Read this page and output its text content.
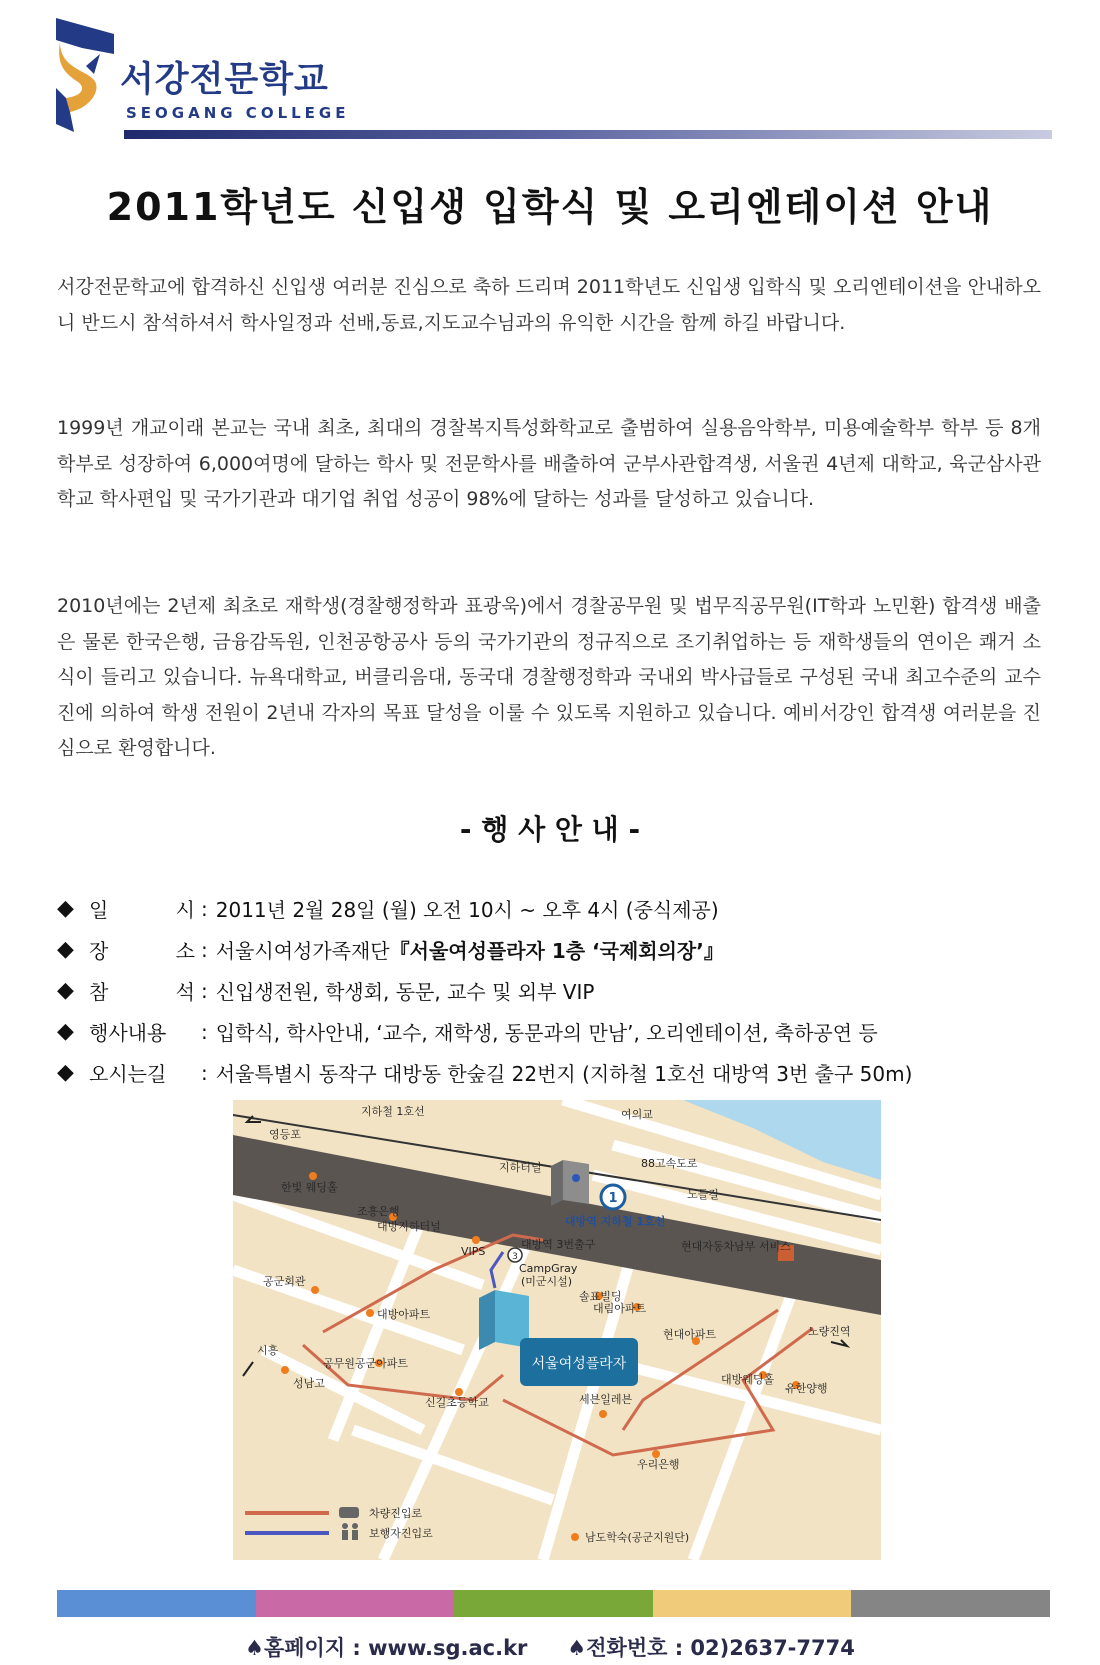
서강전문학교
SEOGANG COLLEGE
2011학년도 신입생 입학식 및 오리엔테이션 안내

서강전문학교에 합격하신 신입생 여러분 진심으로 축하 드리며 2011학년도 신입생 입학식 및 오리엔테이션을 안내하오니 반드시 참석하셔서 학사일정과 선배,동료,지도교수님과의 유익한 시간을 함께 하길 바랍니다.

1999년 개교이래 본교는 국내 최초, 최대의 경찰복지특성화학교로 출범하여 실용음악학부, 미용예술학부 학부 등 8개 학부로 성장하여 6,000여명에 달하는 학사 및 전문학사를 배출하여 군부사관합격생, 서울권 4년제 대학교, 육군삼사관학교 학사편입 및 국가기관과 대기업 취업 성공이 98%에 달하는 성과를 달성하고 있습니다.

2010년에는 2년제 최초로 재학생(경찰행정학과 표광욱)에서 경찰공무원 및 법무직공무원(IT학과 노민환) 합격생 배출은 물론 한국은행, 금융감독원, 인천공항공사 등의 국가기관의 정규직으로 조기취업하는 등 재학생들의 연이은 쾌거 소식이 들리고 있습니다. 뉴욕대학교, 버클리음대, 동국대 경찰행정학과 국내외 박사급들로 구성된 국내 최고수준의 교수진에 의하여 학생 전원이 2년내 각자의 목표 달성을 이룰 수 있도록 지원하고 있습니다. 예비서강인 합격생 여러분을 진심으로 환영합니다.

- 행 사 안 내 -
◆ 일 시 : 2011년 2월 28일 (월) 오전 10시 ~ 오후 4시 (중식제공)
◆ 장 소 : 서울시여성가족재단 『서울여성플라자 1층 ‘국제회의장’』
◆ 참 석 : 신입생전원, 학생회, 동문, 교수 및 외부 VIP
◆ 행사내용	: 입학식, 학사안내, ‘교수, 재학생, 동문과의 만남’, 오리엔테이션, 축하공연 등
◆ 오시는길	: 서울특별시 동작구 대방동 한숲길 22번지 (지하철 1호선 대방역 3번 출구 50m)
서울여성플라자
1
3
지하철 1호선	여의교
영등포
지하터널	88고속도로
노들길
대방역 지하철 1호선
한빛 웨딩홀
조흥은행
대방지하터널
VIPS
대방역 3번출구	현대자동차남부 서비스
CampGray
(미군시설)
공군회관
대방아파트
솔표빌딩
대림아파트
현대아파트	노량진역
시흥
공무원공군아파트
성남고
신길초등학교	세븐일레븐
대방웨딩홀
유한양행
우리은행
차량진입로
보행자진입로	남도학숙(공군지원단)
♠홈페이지 : www.sg.ac.kr ♠전화번호 : 02)2637-7774
